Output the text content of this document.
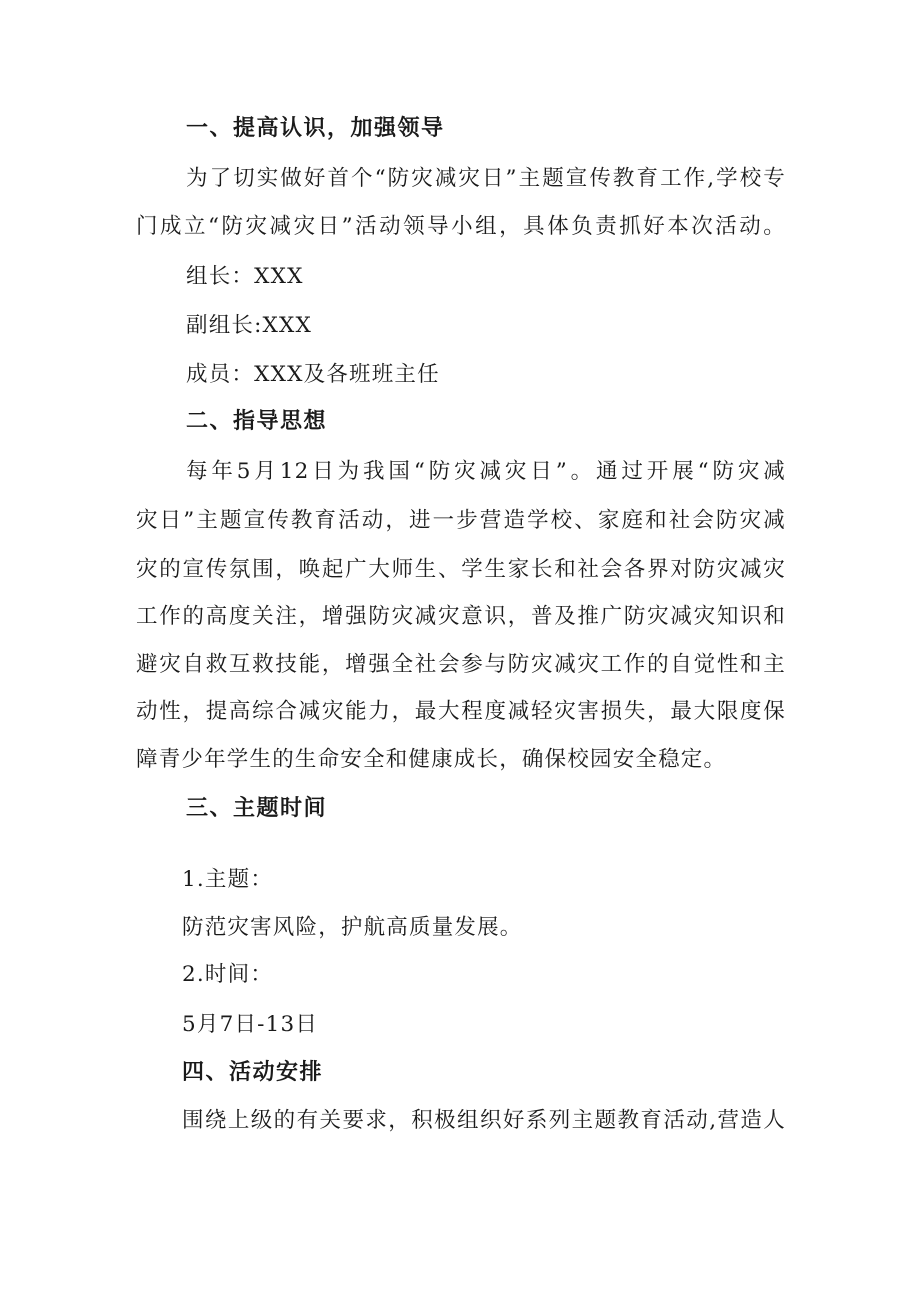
一、提高认识，加强领导
为了切实做好首个“防灾减灾日”主题宣传教育工作,学校专
门成立“防灾减灾日”活动领导小组，具体负责抓好本次活动。
组长：XXX
副组长:XXX
成员：XXX及各班班主任
二、指导思想
每年5月12日为我国“防灾减灾日”。通过开展“防灾减
灾日”主题宣传教育活动，进一步营造学校、家庭和社会防灾减
灾的宣传氛围，唤起广大师生、学生家长和社会各界对防灾减灾
工作的高度关注，增强防灾减灾意识，普及推广防灾减灾知识和
避灾自救互救技能，增强全社会参与防灾减灾工作的自觉性和主
动性，提高综合减灾能力，最大程度减轻灾害损失，最大限度保
障青少年学生的生命安全和健康成长，确保校园安全稳定。
三、主题时间
1.主题：
防范灾害风险，护航高质量发展。
2.时间：
5月7日-13日
四、活动安排
围绕上级的有关要求，积极组织好系列主题教育活动,营造人
